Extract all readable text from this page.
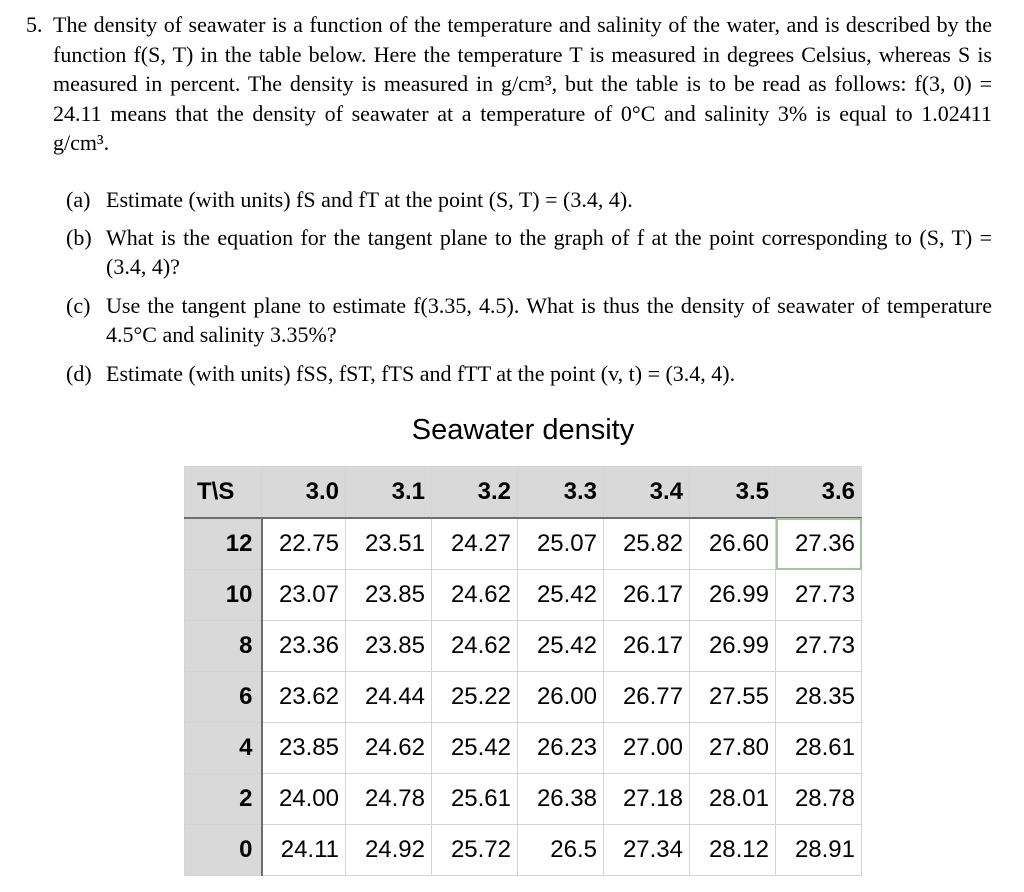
5. The density of seawater is a function of the temperature and salinity of the water, and is described by the function f(S, T) in the table below. Here the temperature T is measured in degrees Celsius, whereas S is measured in percent. The density is measured in g/cm³, but the table is to be read as follows: f(3, 0) = 24.11 means that the density of seawater at a temperature of 0°C and salinity 3% is equal to 1.02411 g/cm³.
(a) Estimate (with units) fS and fT at the point (S, T) = (3.4, 4).
(b) What is the equation for the tangent plane to the graph of f at the point corresponding to (S, T) = (3.4, 4)?
(c) Use the tangent plane to estimate f(3.35, 4.5). What is thus the density of seawater of temperature 4.5°C and salinity 3.35%?
(d) Estimate (with units) fSS, fST, fTS and fTT at the point (v, t) = (3.4, 4).
Seawater density
T\S	3.0	3.1	3.2	3.3	3.4	3.5	3.6
12	22.75	23.51	24.27	25.07	25.82	26.60	27.36
10	23.07	23.85	24.62	25.42	26.17	26.99	27.73
8	23.36	23.85	24.62	25.42	26.17	26.99	27.73
6	23.62	24.44	25.22	26.00	26.77	27.55	28.35
4	23.85	24.62	25.42	26.23	27.00	27.80	28.61
2	24.00	24.78	25.61	26.38	27.18	28.01	28.78
0	24.11	24.92	25.72	26.5	27.34	28.12	28.91
